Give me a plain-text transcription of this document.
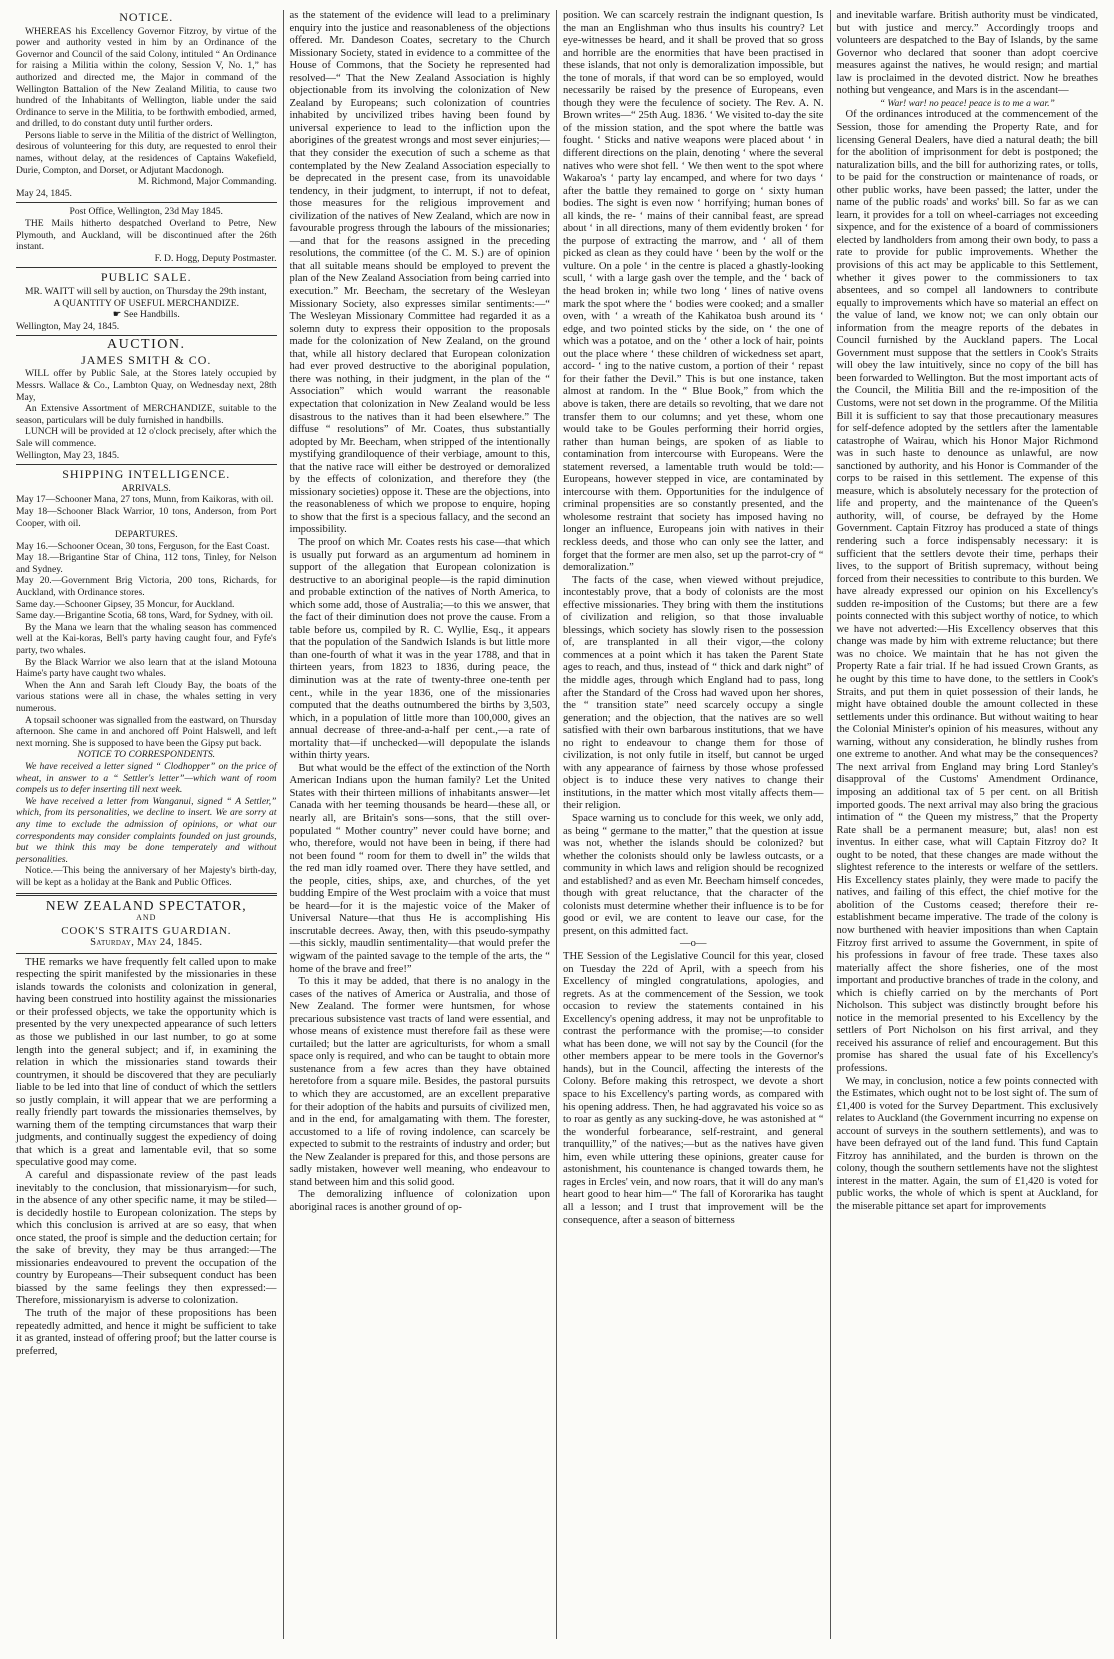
NOTICE.

WHEREAS his Excellency Governor Fitzroy, by virtue of the power and authority vested in him by an Ordinance of the Governor and Council of the said Colony, intituled “ An Ordinance for raising a Militia within the colony, Session V, No. 1,” has authorized and directed me, the Major in command of the Wellington Battalion of the New Zealand Militia, to cause two hundred of the Inhabitants of Wellington, liable under the said Ordinance to serve in the Militia, to be forthwith embodied, armed, and drilled, to do constant duty until further orders.

Persons liable to serve in the Militia of the district of Wellington, desirous of volunteering for this duty, are requested to enrol their names, without delay, at the residences of Captains Wakefield, Durie, Compton, and Dorset, or Adjutant Macdonogh.

M. Richmond, Major Commanding.
May 24, 1845.
Post Office, Wellington, 23d May 1845.

THE Mails hitherto despatched Overland to Petre, New Plymouth, and Auckland, will be discontinued after the 26th instant.

F. D. Hogg, Deputy Postmaster.
PUBLIC SALE.

MR. WAITT will sell by auction, on Thursday the 29th instant,

A QUANTITY OF USEFUL MERCHANDIZE.
☛ See Handbills.
Wellington, May 24, 1845.
AUCTION.
JAMES SMITH & CO.

WILL offer by Public Sale, at the Stores lately occupied by Messrs. Wallace & Co., Lambton Quay, on Wednesday next, 28th May,

An Extensive Assortment of MERCHANDIZE, suitable to the season, particulars will be duly furnished in handbills.

LUNCH will be provided at 12 o'clock precisely, after which the Sale will commence.

Wellington, May 23, 1845.
SHIPPING INTELLIGENCE.
ARRIVALS.
May 17—Schooner Mana, 27 tons, Munn, from Kaikoras, with oil.
May 18—Schooner Black Warrior, 10 tons, Anderson, from Port Cooper, with oil.
DEPARTURES.
May 16.—Schooner Ocean, 30 tons, Ferguson, for the East Coast.
May 18.—Brigantine Star of China, 112 tons, Tinley, for Nelson and Sydney.
May 20.—Government Brig Victoria, 200 tons, Richards, for Auckland, with Ordinance stores.
Same day.—Schooner Gipsey, 35 Moncur, for Auckland.
Same day.—Brigantine Scotia, 68 tons, Ward, for Sydney, with oil.

By the Mana we learn that the whaling season has commenced well at the Kai-koras, Bell's party having caught four, and Fyfe's party, two whales.

By the Black Warrior we also learn that at the island Motouna Haime's party have caught two whales.

When the Ann and Sarah left Cloudy Bay, the boats of the various stations were all in chase, the whales setting in very numerous.

A topsail schooner was signalled from the eastward, on Thursday afternoon. She came in and anchored off Point Halswell, and left next morning. She is supposed to have been the Gipsy put back.

NOTICE TO CORRESPONDENTS.

We have received a letter signed “ Clodhopper” on the price of wheat, in answer to a “ Settler's letter”—which want of room compels us to defer inserting till next week.

We have received a letter from Wanganui, signed “ A Settler,” which, from its personalities, we decline to insert. We are sorry at any time to exclude the admission of opinions, or what our correspondents may consider complaints founded on just grounds, but we think this may be done temperately and without personalities.

Notice.—This being the anniversary of her Majesty's birth-day, will be kept as a holiday at the Bank and Public Offices.

NEW ZEALAND SPECTATOR,
AND
COOK'S STRAITS GUARDIAN.
Saturday, May 24, 1845.

THE remarks we have frequently felt called upon to make respecting the spirit manifested by the missionaries in these islands towards the colonists and colonization in general, having been construed into hostility against the missionaries or their professed objects, we take the opportunity which is presented by the very unexpected appearance of such letters as those we published in our last number, to go at some length into the general subject; and if, in examining the relation in which the missionaries stand towards their countrymen, it should be discovered that they are peculiarly liable to be led into that line of conduct of which the settlers so justly complain, it will appear that we are performing a really friendly part towards the missionaries themselves, by warning them of the tempting circumstances that warp their judgments, and continually suggest the expediency of doing that which is a great and lamentable evil, that so some speculative good may come.

A careful and dispassionate review of the past leads inevitably to the conclusion, that missionaryism—for such, in the absence of any other specific name, it may be stiled—is decidedly hostile to European colonization. The steps by which this conclusion is arrived at are so easy, that when once stated, the proof is simple and the deduction certain; for the sake of brevity, they may be thus arranged:—The missionaries endeavoured to prevent the occupation of the country by Europeans—Their subsequent conduct has been biassed by the same feelings they then expressed:—Therefore, missionaryism is adverse to colonization.

The truth of the major of these propositions has been repeatedly admitted, and hence it might be sufficient to take it as granted, instead of offering proof; but the latter course is preferred,

as the statement of the evidence will lead to a preliminary enquiry into the justice and reasonableness of the objections offered. Mr. Dandeson Coates, secretary to the Church Missionary Society, stated in evidence to a committee of the House of Commons, that the Society he represented had resolved—“ That the New Zealand Association is highly objectionable from its involving the colonization of New Zealand by Europeans; such colonization of countries inhabited by uncivilized tribes having been found by universal experience to lead to the infliction upon the aborigines of the greatest wrongs and most sever einjuries;—that they consider the execution of such a scheme as that contemplated by the New Zealand Association especially to be deprecated in the present case, from its unavoidable tendency, in their judgment, to interrupt, if not to defeat, those measures for the religious improvement and civilization of the natives of New Zealand, which are now in favourable progress through the labours of the missionaries;—and that for the reasons assigned in the preceding resolutions, the committee (of the C. M. S.) are of opinion that all suitable means should be employed to prevent the plan of the New Zealand Association from being carried into execution.” Mr. Beecham, the secretary of the Wesleyan Missionary Society, also expresses similar sentiments:—“ The Wesleyan Missionary Committee had regarded it as a solemn duty to express their opposition to the proposals made for the colonization of New Zealand, on the ground that, while all history declared that European colonization had ever proved destructive to the aboriginal population, there was nothing, in their judgment, in the plan of the “ Association” which would warrant the reasonable expectation that colonization in New Zealand would be less disastrous to the natives than it had been elsewhere.” The diffuse “ resolutions” of Mr. Coates, thus substantially adopted by Mr. Beecham, when stripped of the intentionally mystifying grandiloquence of their verbiage, amount to this, that the native race will either be destroyed or demoralized by the effects of colonization, and therefore they (the missionary societies) oppose it. These are the objections, into the reasonableness of which we propose to enquire, hoping to show that the first is a specious fallacy, and the second an impossibility.

The proof on which Mr. Coates rests his case—that which is usually put forward as an argumentum ad hominem in support of the allegation that European colonization is destructive to an aboriginal people—is the rapid diminution and probable extinction of the natives of North America, to which some add, those of Australia;—to this we answer, that the fact of their diminution does not prove the cause. From a table before us, compiled by R. C. Wyllie, Esq., it appears that the population of the Sandwich Islands is but little more than one-fourth of what it was in the year 1788, and that in thirteen years, from 1823 to 1836, during peace, the diminution was at the rate of twenty-three one-tenth per cent., while in the year 1836, one of the missionaries computed that the deaths outnumbered the births by 3,503, which, in a population of little more than 100,000, gives an annual decrease of three-and-a-half per cent.,—a rate of mortality that—if unchecked—will depopulate the islands within thirty years.

But what would be the effect of the extinction of the North American Indians upon the human family? Let the United States with their thirteen millions of inhabitants answer—let Canada with her teeming thousands be heard—these all, or nearly all, are Britain's sons—sons, that the still over-populated “ Mother country” never could have borne; and who, therefore, would not have been in being, if there had not been found “ room for them to dwell in” the wilds that the red man idly roamed over. There they have settled, and the people, cities, ships, axe, and churches, of the yet budding Empire of the West proclaim with a voice that must be heard—for it is the majestic voice of the Maker of Universal Nature—that thus He is accomplishing His inscrutable decrees. Away, then, with this pseudo-sympathy—this sickly, maudlin sentimentality—that would prefer the wigwam of the painted savage to the temple of the arts, the “ home of the brave and free!”

To this it may be added, that there is no analogy in the cases of the natives of America or Australia, and those of New Zealand. The former were huntsmen, for whose precarious subsistence vast tracts of land were essential, and whose means of existence must therefore fail as these were curtailed; but the latter are agriculturists, for whom a small space only is required, and who can be taught to obtain more sustenance from a few acres than they have obtained heretofore from a square mile. Besides, the pastoral pursuits to which they are accustomed, are an excellent preparative for their adoption of the habits and pursuits of civilized men, and in the end, for amalgamating with them. The forester, accustomed to a life of roving indolence, can scarcely be expected to submit to the restraints of industry and order; but the New Zealander is prepared for this, and those persons are sadly mistaken, however well meaning, who endeavour to stand between him and this solid good.

The demoralizing influence of colonization upon aboriginal races is another ground of op-

position. We can scarcely restrain the indignant question, Is the man an Englishman who thus insults his country? Let eye-witnesses be heard, and it shall be proved that so gross and horrible are the enormities that have been practised in these islands, that not only is demoralization impossible, but the tone of morals, if that word can be so employed, would necessarily be raised by the presence of Europeans, even though they were the feculence of society. The Rev. A. N. Brown writes—“ 25th Aug. 1836. ‘ We visited to-day the site of the mission station, and the spot where the battle was fought. ‘ Sticks and native weapons were placed about ‘ in different directions on the plain, denoting ‘ where the several natives who were shot fell. ‘ We then went to the spot where Wakaroa's ‘ party lay encamped, and where for two days ‘ after the battle they remained to gorge on ‘ sixty human bodies. The sight is even now ‘ horrifying; human bones of all kinds, the re- ‘ mains of their cannibal feast, are spread about ‘ in all directions, many of them evidently broken ‘ for the purpose of extracting the marrow, and ‘ all of them picked as clean as they could have ‘ been by the wolf or the vulture. On a pole ‘ in the centre is placed a ghastly-looking scull, ‘ with a large gash over the temple, and the ‘ back of the head broken in; while two long ‘ lines of native ovens mark the spot where the ‘ bodies were cooked; and a smaller oven, with ‘ a wreath of the Kahikatoa bush around its ‘ edge, and two pointed sticks by the side, on ‘ the one of which was a potatoe, and on the ‘ other a lock of hair, points out the place where ‘ these children of wickedness set apart, accord- ‘ ing to the native custom, a portion of their ‘ repast for their father the Devil.” This is but one instance, taken almost at random. In the “ Blue Book,” from which the above is taken, there are details so revolting, that we dare not transfer them to our columns; and yet these, whom one would take to be Goules performing their horrid orgies, rather than human beings, are spoken of as liable to contamination from intercourse with Europeans. Were the statement reversed, a lamentable truth would be told:—Europeans, however stepped in vice, are contaminated by intercourse with them. Opportunities for the indulgence of criminal propensities are so constantly presented, and the wholesome restraint that society has imposed having no longer an influence, Europeans join with natives in their reckless deeds, and those who can only see the latter, and forget that the former are men also, set up the parrot-cry of “ demoralization.”

The facts of the case, when viewed without prejudice, incontestably prove, that a body of colonists are the most effective missionaries. They bring with them the institutions of civilization and religion, so that those invaluable blessings, which society has slowly risen to the possession of, are transplanted in all their vigor,—the colony commences at a point which it has taken the Parent State ages to reach, and thus, instead of “ thick and dark night” of the middle ages, through which England had to pass, long after the Standard of the Cross had waved upon her shores, the “ transition state” need scarcely occupy a single generation; and the objection, that the natives are so well satisfied with their own barbarous institutions, that we have no right to endeavour to change them for those of civilization, is not only futile in itself, but cannot be urged with any appearance of fairness by those whose professed object is to induce these very natives to change their institutions, in the matter which most vitally affects them—their religion.

Space warning us to conclude for this week, we only add, as being “ germane to the matter,” that the question at issue was not, whether the islands should be colonized? but whether the colonists should only be lawless outcasts, or a community in which laws and religion should be recognized and established? and as even Mr. Beecham himself concedes, though with great reluctance, that the character of the colonists must determine whether their influence is to be for good or evil, we are content to leave our case, for the present, on this admitted fact.

—o—

THE Session of the Legislative Council for this year, closed on Tuesday the 22d of April, with a speech from his Excellency of mingled congratulations, apologies, and regrets. As at the commencement of the Session, we took occasion to review the statements contained in his Excellency's opening address, it may not be unprofitable to contrast the performance with the promise;—to consider what has been done, we will not say by the Council (for the other members appear to be mere tools in the Governor's hands), but in the Council, affecting the interests of the Colony. Before making this retrospect, we devote a short space to his Excellency's parting words, as compared with his opening address. Then, he had aggravated his voice so as to roar as gently as any sucking-dove, he was astonished at “ the wonderful forbearance, self-restraint, and general tranquillity,” of the natives;—but as the natives have given him, even while uttering these opinions, greater cause for astonishment, his countenance is changed towards them, he rages in Ercles' vein, and now roars, that it will do any man's heart good to hear him—“ The fall of Kororarika has taught all a lesson; and I trust that improvement will be the consequence, after a season of bitterness

and inevitable warfare. British authority must be vindicated, but with justice and mercy.” Accordingly troops and volunteers are despatched to the Bay of Islands, by the same Governor who declared that sooner than adopt coercive measures against the natives, he would resign; and martial law is proclaimed in the devoted district. Now he breathes nothing but vengeance, and Mars is in the ascendant—

“ War! war! no peace! peace is to me a war.”

Of the ordinances introduced at the commencement of the Session, those for amending the Property Rate, and for licensing General Dealers, have died a natural death; the bill for the abolition of imprisonment for debt is postponed; the naturalization bills, and the bill for authorizing rates, or tolls, to be paid for the construction or maintenance of roads, or other public works, have been passed; the latter, under the name of the public roads' and works' bill. So far as we can learn, it provides for a toll on wheel-carriages not exceeding sixpence, and for the existence of a board of commissioners elected by landholders from among their own body, to pass a rate to provide for public improvements. Whether the provisions of this act may be applicable to this Settlement, whether it gives power to the commissioners to tax absentees, and so compel all landowners to contribute equally to improvements which have so material an effect on the value of land, we know not; we can only obtain our information from the meagre reports of the debates in Council furnished by the Auckland papers. The Local Government must suppose that the settlers in Cook's Straits will obey the law intuitively, since no copy of the bill has been forwarded to Wellington. But the most important acts of the Council, the Militia Bill and the re-imposition of the Customs, were not set down in the programme. Of the Militia Bill it is sufficient to say that those precautionary measures for self-defence adopted by the settlers after the lamentable catastrophe of Wairau, which his Honor Major Richmond was in such haste to denounce as unlawful, are now sanctioned by authority, and his Honor is Commander of the corps to be raised in this settlement. The expense of this measure, which is absolutely necessary for the protection of life and property, and the maintenance of the Queen's authority, will, of course, be defrayed by the Home Government. Captain Fitzroy has produced a state of things rendering such a force indispensably necessary: it is sufficient that the settlers devote their time, perhaps their lives, to the support of British supremacy, without being forced from their necessities to contribute to this burden. We have already expressed our opinion on his Excellency's sudden re-imposition of the Customs; but there are a few points connected with this subject worthy of notice, to which we have not adverted:—His Excellency observes that this change was made by him with extreme reluctance; but there was no choice. We maintain that he has not given the Property Rate a fair trial. If he had issued Crown Grants, as he ought by this time to have done, to the settlers in Cook's Straits, and put them in quiet possession of their lands, he might have obtained double the amount collected in these settlements under this ordinance. But without waiting to hear the Colonial Minister's opinion of his measures, without any warning, without any consideration, he blindly rushes from one extreme to another. And what may be the consequences? The next arrival from England may bring Lord Stanley's disapproval of the Customs' Amendment Ordinance, imposing an additional tax of 5 per cent. on all British imported goods. The next arrival may also bring the gracious intimation of “ the Queen my mistress,” that the Property Rate shall be a permanent measure; but, alas! non est inventus. In either case, what will Captain Fitzroy do? It ought to be noted, that these changes are made without the slightest reference to the interests or welfare of the settlers. His Excellency states plainly, they were made to pacify the natives, and failing of this effect, the chief motive for the abolition of the Customs ceased; therefore their re-establishment became imperative. The trade of the colony is now burthened with heavier impositions than when Captain Fitzroy first arrived to assume the Government, in spite of his professions in favour of free trade. These taxes also materially affect the shore fisheries, one of the most important and productive branches of trade in the colony, and which is chiefly carried on by the merchants of Port Nicholson. This subject was distinctly brought before his notice in the memorial presented to his Excellency by the settlers of Port Nicholson on his first arrival, and they received his assurance of relief and encouragement. But this promise has shared the usual fate of his Excellency's professions.

We may, in conclusion, notice a few points connected with the Estimates, which ought not to be lost sight of. The sum of £1,400 is voted for the Survey Department. This exclusively relates to Auckland (the Government incurring no expense on account of surveys in the southern settlements), and was to have been defrayed out of the land fund. This fund Captain Fitzroy has annihilated, and the burden is thrown on the colony, though the southern settlements have not the slightest interest in the matter. Again, the sum of £1,420 is voted for public works, the whole of which is spent at Auckland, for the miserable pittance set apart for improvements
